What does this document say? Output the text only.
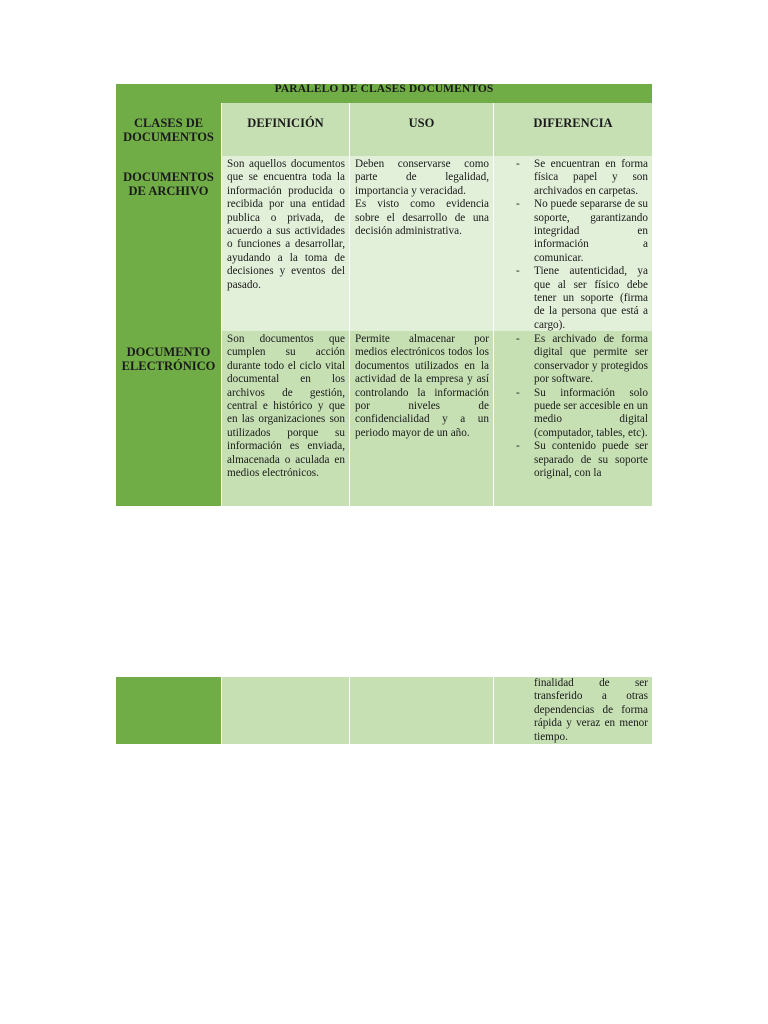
PARALELO DE CLASES DOCUMENTOS
CLASES DE DOCUMENTOS
DEFINICIÓN	USO	DIFERENCIA
DOCUMENTOS DE ARCHIVO

Son aquellos documentos que se encuentra toda la información producida o recibida por una entidad publica o privada, de acuerdo a sus actividades o funciones a desarrollar, ayudando a la toma de decisiones y eventos del pasado.

Deben conservarse como parte de legalidad, importancia y veracidad.

Es visto como evidencia sobre el desarrollo de una decisión administrativa.

- Se encuentran en forma física papel y son archivados en carpetas.
- No puede separarse de su soporte, garantizando integridad en información a comunicar.
- Tiene autenticidad, ya que al ser físico debe tener un soporte (firma de la persona que está a cargo).
DOCUMENTO ELECTRÓNICO

Son documentos que cumplen su acción durante todo el ciclo vital documental en los archivos de gestión, central e histórico y que en las organizaciones son utilizados porque su información es enviada, almacenada o aculada en medios electrónicos.

Permite almacenar por medios electrónicos todos los documentos utilizados en la actividad de la empresa y así controlando la información por niveles de confidencialidad y a un periodo mayor de un año.

- Es archivado de forma digital que permite ser conservador y protegidos por software.
- Su información solo puede ser accesible en un medio digital (computador, tables, etc).
- Su contenido puede ser separado de su soporte original, con la
finalidad de ser transferido a otras dependencias de forma rápida y veraz en menor tiempo.
